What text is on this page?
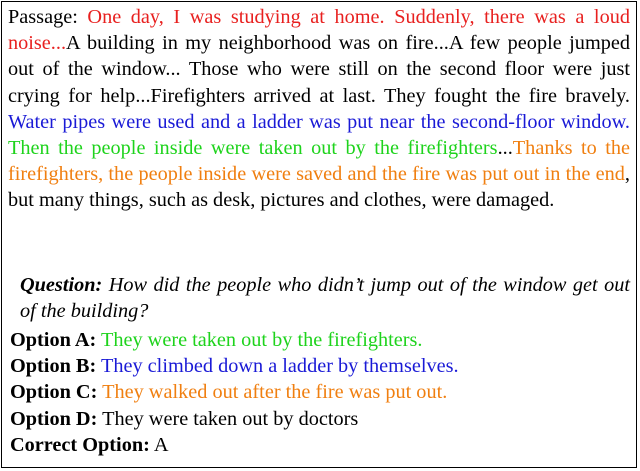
Passage: One day, I was studying at home. Suddenly, there was a loud noise...A building in my neighborhood was on fire...A few people jumped out of the window... Those who were still on the second floor were just crying for help...Firefighters arrived at last. They fought the fire bravely. Water pipes were used and a ladder was put near the second-floor window. Then the people inside were taken out by the firefighters...Thanks to the firefighters, the people inside were saved and the fire was put out in the end, but many things, such as desk, pictures and clothes, were damaged.
Question: How did the people who didn’t jump out of the window get out of the building?
Option A: They were taken out by the firefighters.
Option B: They climbed down a ladder by themselves.
Option C: They walked out after the fire was put out.
Option D: They were taken out by doctors
Correct Option: A
